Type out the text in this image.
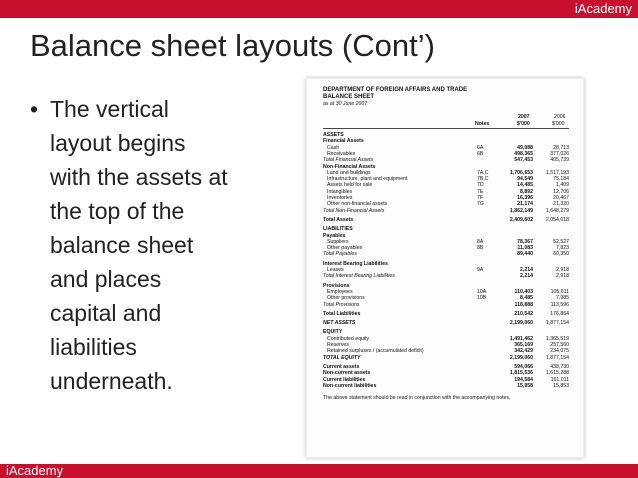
iAcademy
Balance sheet layouts (Cont’)
• The vertical
layout begins
with the assets at
the top of the
balance sheet
and places
capital and
liabilities
underneath.
DEPARTMENT OF FOREIGN AFFAIRS AND TRADE
BALANCE SHEET
as at 30 June 2007
2007	2006
Notes	$'000	$'000
The above statement should be read in conjunction with the accompanying notes.
ASSETS
Financial Assets
Cash	6A	49,088	28,713
Receivables	6B	498,365	377,026
Total Financial Assets	547,453	405,739
Non-Financial Assets
Land and buildings	7A,C	1,706,653 1,517,193
Infrastructure, plant and equipment	7B,C	94,549	75,184
Assets held for sale	7D	14,485	1,409
Intangibles	7E	8,892	12,706
Inventories	7F	16,396	20,467
Other non-financial assets	7G	21,174	21,320
Total Non-Financial Assets	1,862,149 1,648,279
Total Assets	2,409,602 2,054,018
LIABILITIES
Payables
Suppliers	8A	78,367	52,527
Other payables	8B	11,083	7,823
Total Payables	89,440	60,350
Interest Bearing Liabilities
Leases	9A	2,214	2,918
Total Interest Bearing Liabilities	2,214	2,918
Provisions
Employees	10A	110,403	105,611
Other provisions	10B	8,485	7,985
Total Provisions	118,888	113,596
Total Liabilities	210,542	176,864
NET ASSETS	2,199,060 1,877,154
EQUITY
Contributed equity	1,491,462 1,365,519
Reserves	365,169	257,560
Retained surpluses / (accumulated deficit)	342,429	234,075
TOTAL EQUITY	2,199,060 1,877,154
Current assets	594,066	438,730
Non-current assets	1,815,536 1,615,288
Current liabilities	194,584	161,011
Non-current liabilities	15,958	15,853
iAcademy
